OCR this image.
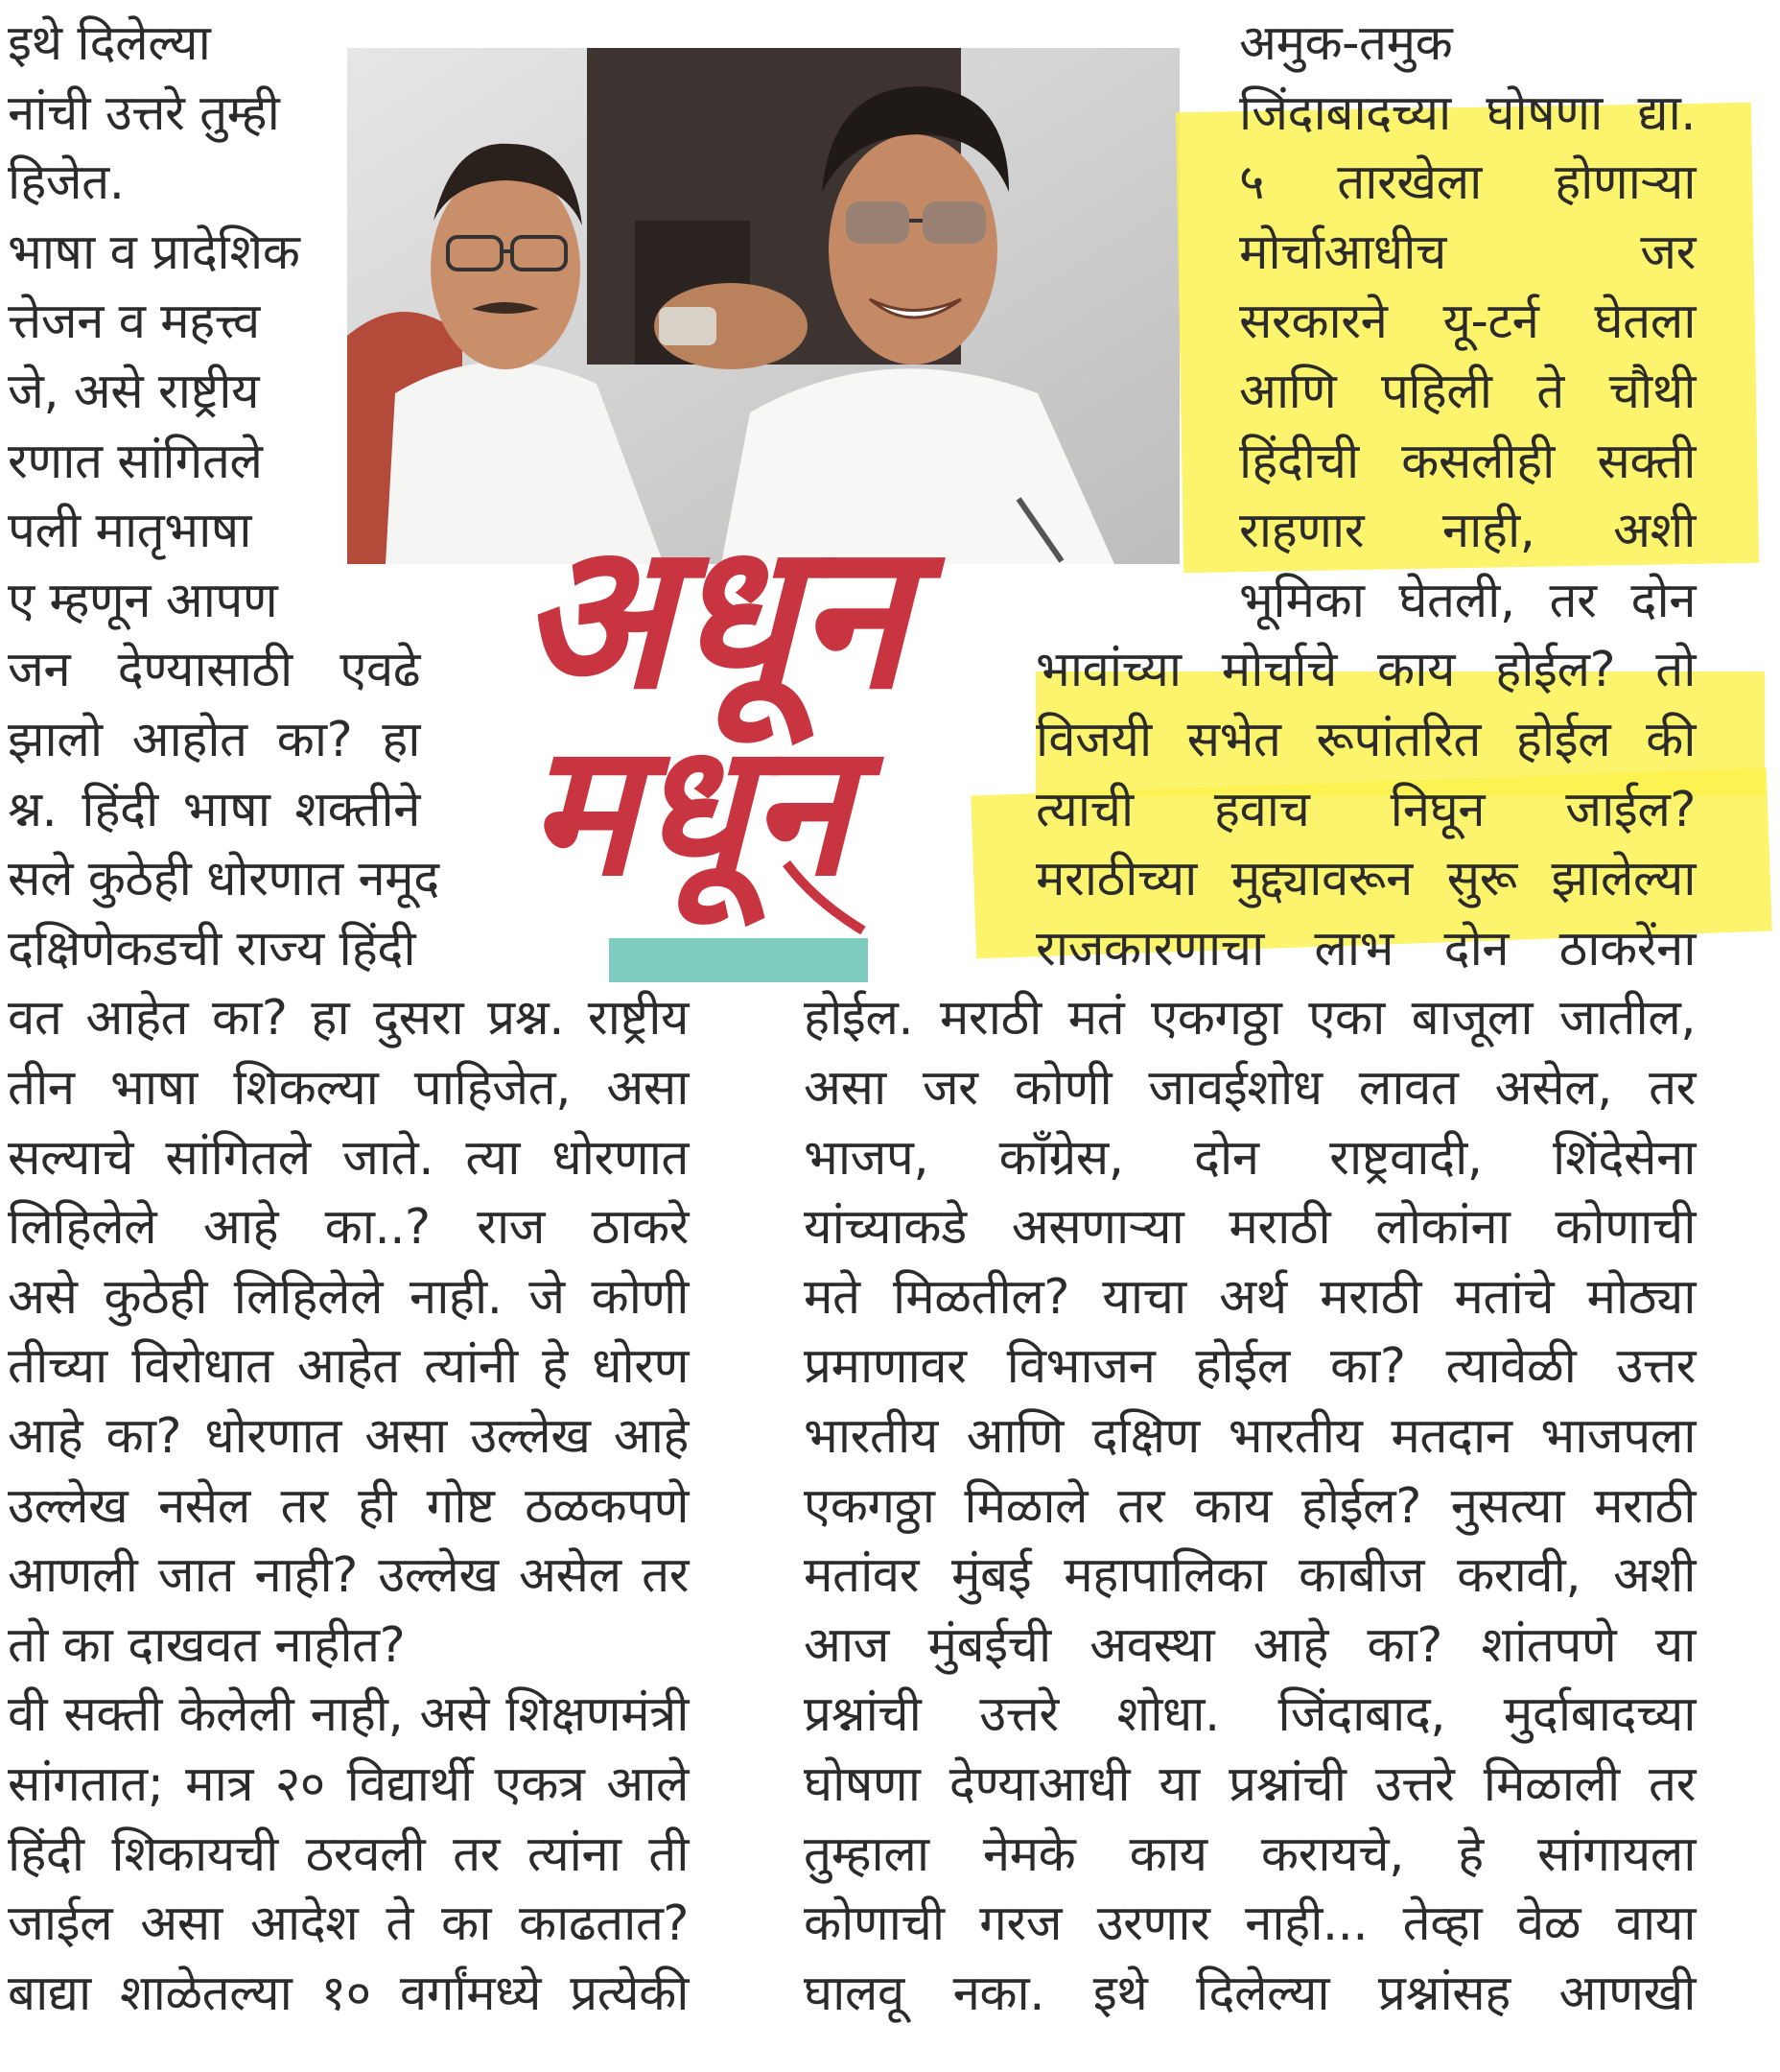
अधून
मधून
इथे दिलेल्या
नांची उत्तरे तुम्ही
हिजेत.
भाषा व प्रादेशिक
त्तेजन व महत्त्व
जे, असे राष्ट्रीय
रणात सांगितले
पली मातृभाषा
ए म्हणून आपण
जन देण्यासाठी एवढे
झालो आहोत का? हा
श्न. हिंदी भाषा शक्तीने
सले कुठेही धोरणात नमूद
दक्षिणेकडची राज्य हिंदी
वत आहेत का? हा दुसरा प्रश्न. राष्ट्रीय
तीन भाषा शिकल्या पाहिजेत, असा
सल्याचे सांगितले जाते. त्या धोरणात
लिहिलेले आहे का..? राज ठाकरे
असे कुठेही लिहिलेले नाही. जे कोणी
तीच्या विरोधात आहेत त्यांनी हे धोरण
आहे का? धोरणात असा उल्लेख आहे
उल्लेख नसेल तर ही गोष्ट ठळकपणे
आणली जात नाही? उल्लेख असेल तर
तो का दाखवत नाहीत?
वी सक्ती केलेली नाही, असे शिक्षणमंत्री
सांगतात; मात्र २० विद्यार्थी एकत्र आले
हिंदी शिकायची ठरवली तर त्यांना ती
जाईल असा आदेश ते का काढतात?
बाद्या शाळेतल्या १० वर्गांमध्ये प्रत्येकी
अमुक-तमुक
जिंदाबादच्या घोषणा द्या.
५ तारखेला होणाऱ्या
मोर्चाआधीच जर
सरकारने यू-टर्न घेतला
आणि पहिली ते चौथी
हिंदीची कसलीही सक्ती
राहणार नाही, अशी
भूमिका घेतली, तर दोन
भावांच्या मोर्चाचे काय होईल? तो
विजयी सभेत रूपांतरित होईल की
त्याची हवाच निघून जाईल?
मराठीच्या मुद्द्यावरून सुरू झालेल्या
राजकारणाचा लाभ दोन ठाकरेंना
होईल. मराठी मतं एकगठ्ठा एका बाजूला जातील,
असा जर कोणी जावईशोध लावत असेल, तर
भाजप, काँग्रेस, दोन राष्ट्रवादी, शिंदेसेना
यांच्याकडे असणाऱ्या मराठी लोकांना कोणाची
मते मिळतील? याचा अर्थ मराठी मतांचे मोठ्या
प्रमाणावर विभाजन होईल का? त्यावेळी उत्तर
भारतीय आणि दक्षिण भारतीय मतदान भाजपला
एकगठ्ठा मिळाले तर काय होईल? नुसत्या मराठी
मतांवर मुंबई महापालिका काबीज करावी, अशी
आज मुंबईची अवस्था आहे का? शांतपणे या
प्रश्नांची उत्तरे शोधा. जिंदाबाद, मुर्दाबादच्या
घोषणा देण्याआधी या प्रश्नांची उत्तरे मिळाली तर
तुम्हाला नेमके काय करायचे, हे सांगायला
कोणाची गरज उरणार नाही... तेव्हा वेळ वाया
घालवू नका. इथे दिलेल्या प्रश्नांसह आणखी
